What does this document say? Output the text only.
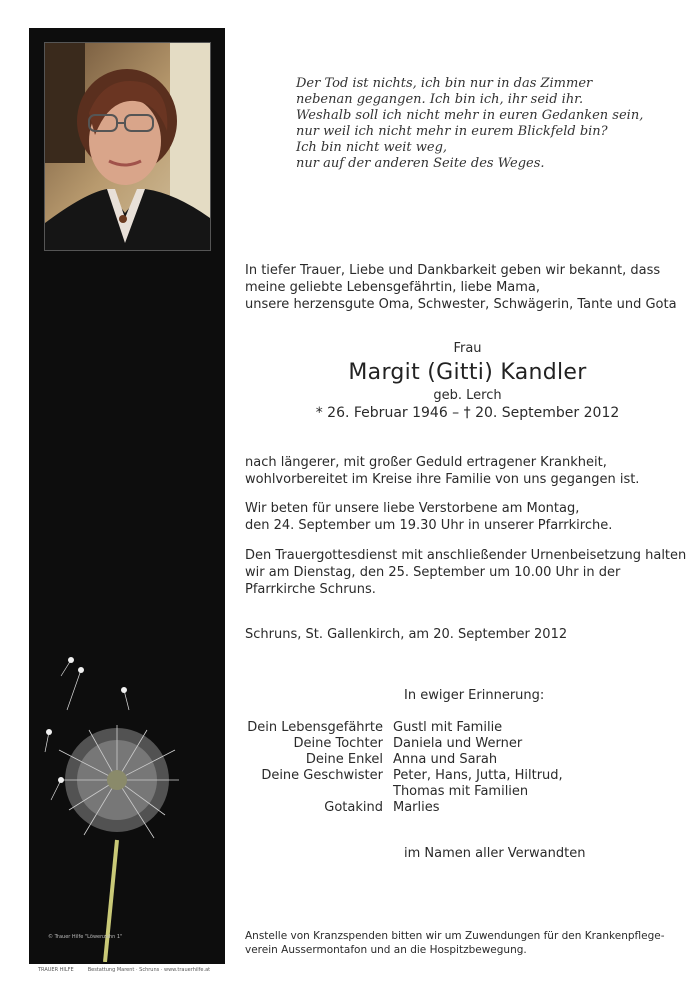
© Trauer Hilfe "Löwenzahn 1"
TRAUER HILFE	Bestattung Marent · Schruns · www.trauerhilfe.at
Der Tod ist nichts, ich bin nur in das Zimmer
nebenan gegangen. Ich bin ich, ihr seid ihr.
Weshalb soll ich nicht mehr in euren Gedanken sein,
nur weil ich nicht mehr in eurem Blickfeld bin?
Ich bin nicht weit weg,
nur auf der anderen Seite des Weges.
In tiefer Trauer, Liebe und Dankbarkeit geben wir bekannt, dass
meine geliebte Lebensgefährtin, liebe Mama,
unsere herzensgute Oma, Schwester, Schwägerin, Tante und Gota
Frau
Margit (Gitti) Kandler
geb. Lerch
* 26. Februar 1946 – † 20. September 2012
nach längerer, mit großer Geduld ertragener Krankheit,
wohlvorbereitet im Kreise ihre Familie von uns gegangen ist.
Wir beten für unsere liebe Verstorbene am Montag,
den 24. September um 19.30 Uhr in unserer Pfarrkirche.
Den Trauergottesdienst mit anschließender Urnenbeisetzung halten
wir am Dienstag, den 25. September um 10.00 Uhr in der
Pfarrkirche Schruns.
Schruns, St. Gallenkirch, am 20. September 2012
In ewiger Erinnerung:
Dein Lebensgefährte Gustl mit Familie
Deine Tochter Daniela und Werner
Deine Enkel Anna und Sarah
Deine Geschwister Peter, Hans, Jutta, Hiltrud,
Thomas mit Familien
Gotakind Marlies
im Namen aller Verwandten
Anstelle von Kranzspenden bitten wir um Zuwendungen für den Krankenpflege-
verein Aussermontafon und an die Hospitzbewegung.
